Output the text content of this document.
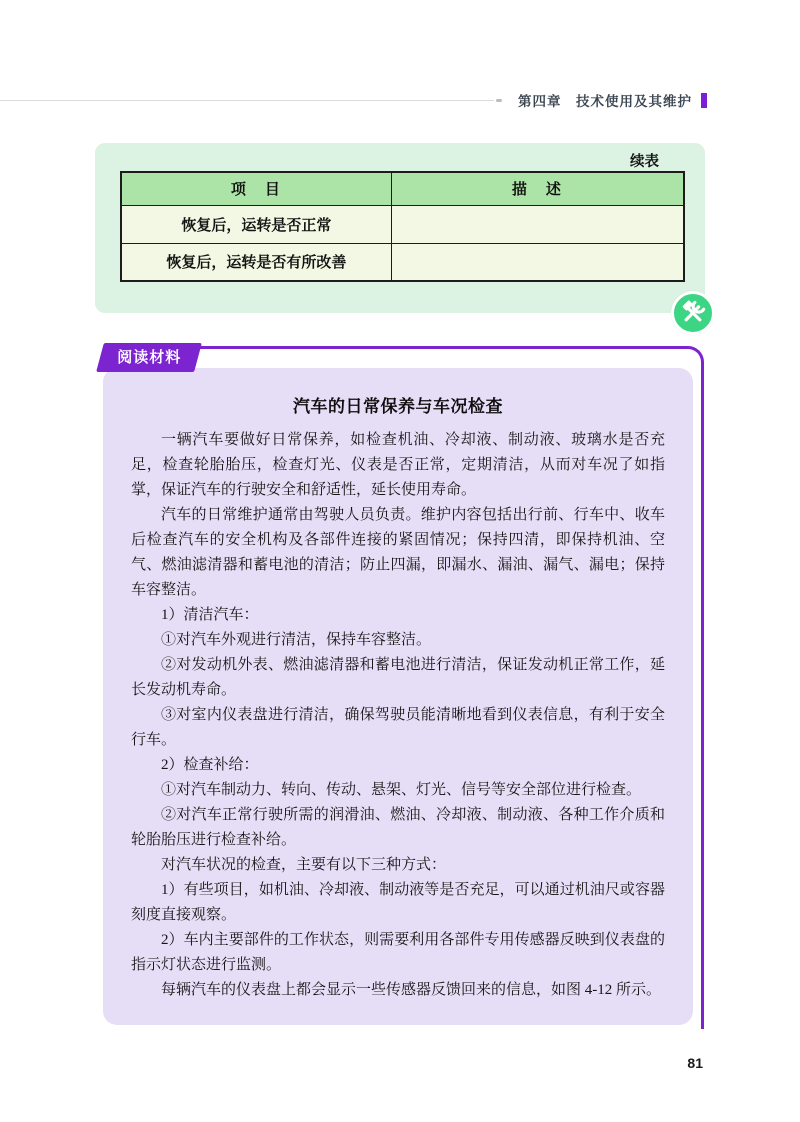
第四章　技术使用及其维护
续表
项　目	描　述
恢复后，运转是否正常	
恢复后，运转是否有所改善	
阅读材料
汽车的日常保养与车况检查

一辆汽车要做好日常保养，如检查机油、冷却液、制动液、玻璃水是否充足，检查轮胎胎压，检查灯光、仪表是否正常，定期清洁，从而对车况了如指掌，保证汽车的行驶安全和舒适性，延长使用寿命。

汽车的日常维护通常由驾驶人员负责。维护内容包括出行前、行车中、收车后检查汽车的安全机构及各部件连接的紧固情况；保持四清，即保持机油、空气、燃油滤清器和蓄电池的清洁；防止四漏，即漏水、漏油、漏气、漏电；保持车容整洁。

1）清洁汽车：

①对汽车外观进行清洁，保持车容整洁。

②对发动机外表、燃油滤清器和蓄电池进行清洁，保证发动机正常工作，延长发动机寿命。

③对室内仪表盘进行清洁，确保驾驶员能清晰地看到仪表信息，有利于安全行车。

2）检查补给：

①对汽车制动力、转向、传动、悬架、灯光、信号等安全部位进行检查。

②对汽车正常行驶所需的润滑油、燃油、冷却液、制动液、各种工作介质和轮胎胎压进行检查补给。

对汽车状况的检查，主要有以下三种方式：

1）有些项目，如机油、冷却液、制动液等是否充足，可以通过机油尺或容器刻度直接观察。

2）车内主要部件的工作状态，则需要利用各部件专用传感器反映到仪表盘的指示灯状态进行监测。

每辆汽车的仪表盘上都会显示一些传感器反馈回来的信息，如图 4-12 所示。

81
